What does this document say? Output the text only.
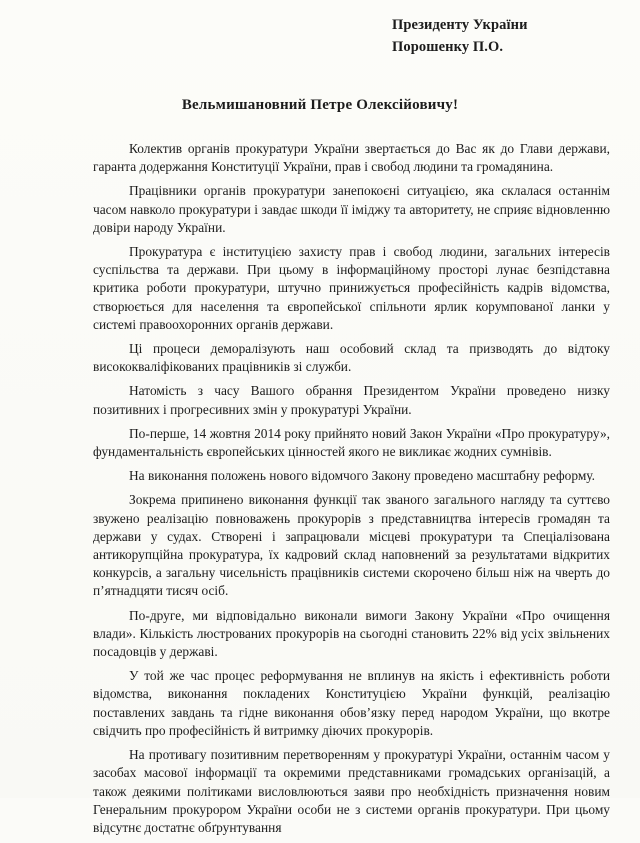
Президенту України
Порошенку П.О.
Вельмишановний Петре Олексійовичу!

Колектив органів прокуратури України звертається до Вас як до Глави держави, гаранта додержання Конституції України, прав і свобод людини та громадянина.

Працівники органів прокуратури занепокоєні ситуацією, яка склалася останнім часом навколо прокуратури і завдає шкоди її іміджу та авторитету, не сприяє відновленню довіри народу України.

Прокуратура є інституцією захисту прав і свобод людини, загальних інтересів суспільства та держави. При цьому в інформаційному просторі лунає безпідставна критика роботи прокуратури, штучно принижується професійність кадрів відомства, створюється для населення та європейської спільноти ярлик корумпованої ланки у системі правоохоронних органів держави.

Ці процеси деморалізують наш особовий склад та призводять до відтоку висококваліфікованих працівників зі служби.

Натомість з часу Вашого обрання Президентом України проведено низку позитивних і прогресивних змін у прокуратурі України.

По-перше, 14 жовтня 2014 року прийнято новий Закон України «Про прокуратуру», фундаментальність європейських цінностей якого не викликає жодних сумнівів.

На виконання положень нового відомчого Закону проведено масштабну реформу.

Зокрема припинено виконання функції так званого загального нагляду та суттєво звужено реалізацію повноважень прокурорів з представництва інтересів громадян та держави у судах. Створені і запрацювали місцеві прокуратури та Спеціалізована антикорупційна прокуратура, їх кадровий склад наповнений за результатами відкритих конкурсів, а загальну чисельність працівників системи скорочено більш ніж на чверть до п’ятнадцяти тисяч осіб.

По-друге, ми відповідально виконали вимоги Закону України «Про очищення влади». Кількість люстрованих прокурорів на сьогодні становить 22% від усіх звільнених посадовців у державі.

У той же час процес реформування не вплинув на якість і ефективність роботи відомства, виконання покладених Конституцією України функцій, реалізацію поставлених завдань та гідне виконання обов’язку перед народом України, що вкотре свідчить про професійність й витримку діючих прокурорів.

На противагу позитивним перетворенням у прокуратурі України, останнім часом у засобах масової інформації та окремими представниками громадських організацій, а також деякими політиками висловлюються заяви про необхідність призначення новим Генеральним прокурором України особи не з системи органів прокуратури. При цьому відсутнє достатнє обґрунтування
